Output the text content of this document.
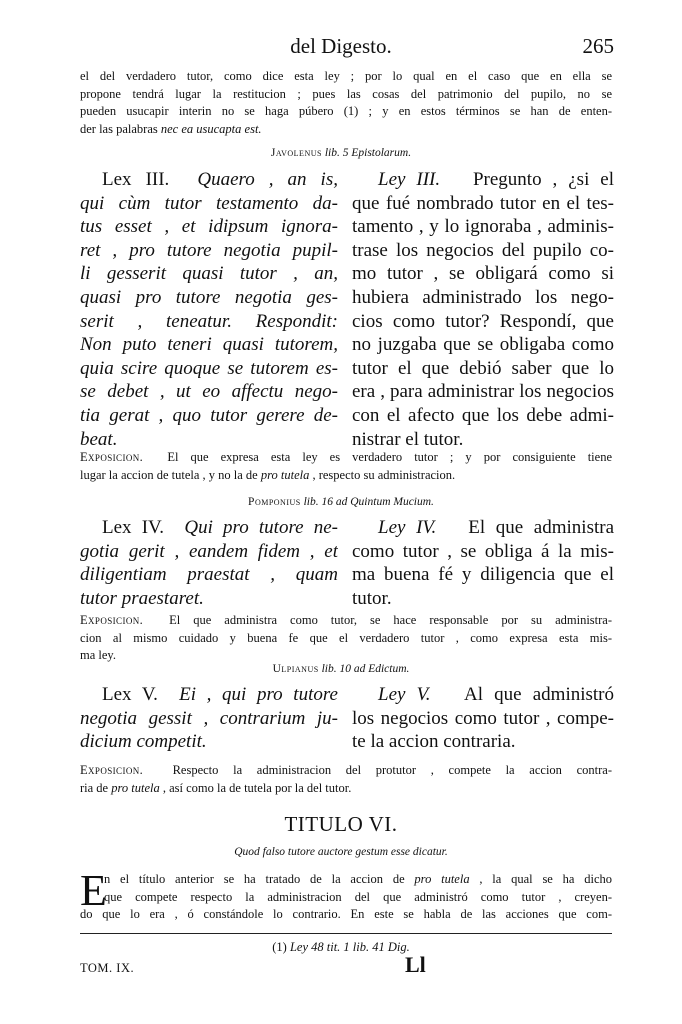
del Digesto.	265
el del verdadero tutor, como dice esta ley ; por lo qual en el caso que en ella se
propone tendrá lugar la restitucion ; pues las cosas del patrimonio del pupilo, no se
pueden usucapir interin no se haga púbero (1) ; y en estos términos se han de enten-
der las palabras nec ea usucapta est.
Javolenus lib. 5 Epistolarum.
Lex III. Quaero , an is,
qui cùm tutor testamento da-
tus esset , et idipsum ignora-
ret , pro tutore negotia pupil-
li gesserit quasi tutor , an,
quasi pro tutore negotia ges-
serit , teneatur. Respondit:
Non puto teneri quasi tutorem,
quia scire quoque se tutorem es-
se debet , ut eo affectu nego-
tia gerat , quo tutor gerere de-
beat.
Ley III. Pregunto , ¿si el
que fué nombrado tutor en el tes-
tamento , y lo ignoraba , adminis-
trase los negocios del pupilo co-
mo tutor , se obligará como si
hubiera administrado los nego-
cios como tutor? Respondí, que
no juzgaba que se obligaba como
tutor el que debió saber que lo
era , para administrar los negocios
con el afecto que los debe admi-
nistrar el tutor.
Exposicion. El que expresa esta ley es verdadero tutor ; y por consiguiente tiene
lugar la accion de tutela , y no la de pro tutela , respecto su administracion.
Pomponius lib. 16 ad Quintum Mucium.
Lex IV. Qui pro tutore ne-
gotia gerit , eandem fidem , et
diligentiam praestat , quam
tutor praestaret.
Ley IV. El que administra
como tutor , se obliga á la mis-
ma buena fé y diligencia que el
tutor.
Exposicion. El que administra como tutor, se hace responsable por su administra-
cion al mismo cuidado y buena fe que el verdadero tutor , como expresa esta mis-
ma ley.
Ulpianus lib. 10 ad Edictum.
Lex V. Ei , qui pro tutore
negotia gessit , contrarium ju-
dicium competit.
Ley V. Al que administró
los negocios como tutor , compe-
te la accion contraria.
Exposicion. Respecto la administracion del protutor , compete la accion contra-
ria de pro tutela , así como la de tutela por la del tutor.
TITULO VI.
Quod falso tutore auctore gestum esse dicatur.
E
n el título anterior se ha tratado de la accion de pro tutela , la qual se ha dicho
que compete respecto la administracion del que administró como tutor , creyen-
do que lo era , ó constándole lo contrario. En este se habla de las acciones que com-
(1) Ley 48 tit. 1 lib. 41 Dig.
TOM. IX.	Ll
